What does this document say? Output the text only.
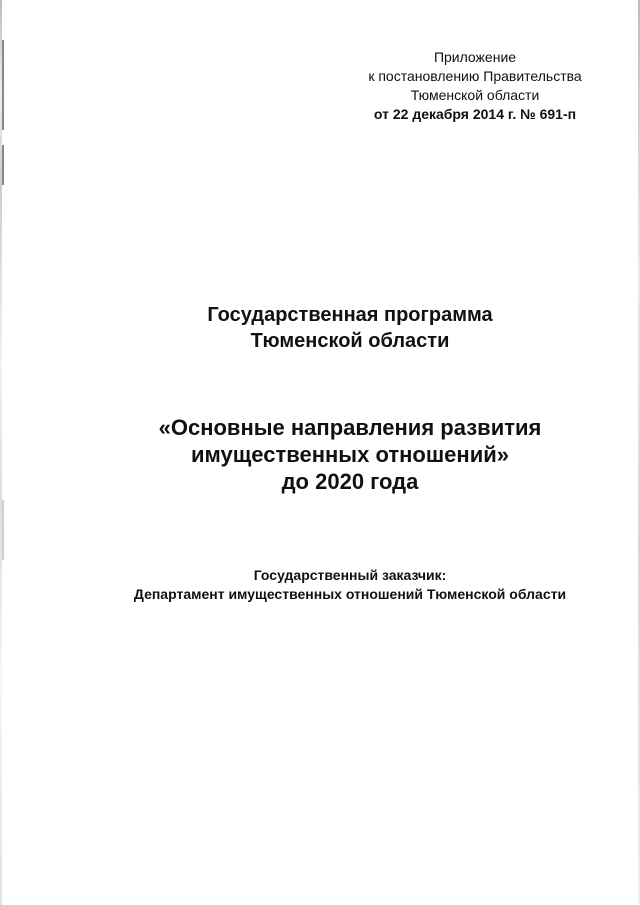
Приложение
к постановлению Правительства
Тюменской области
от 22 декабря 2014 г. № 691-п
Государственная программа
Тюменской области
«Основные направления развития
имущественных отношений»
до 2020 года
Государственный заказчик:
Департамент имущественных отношений Тюменской области
